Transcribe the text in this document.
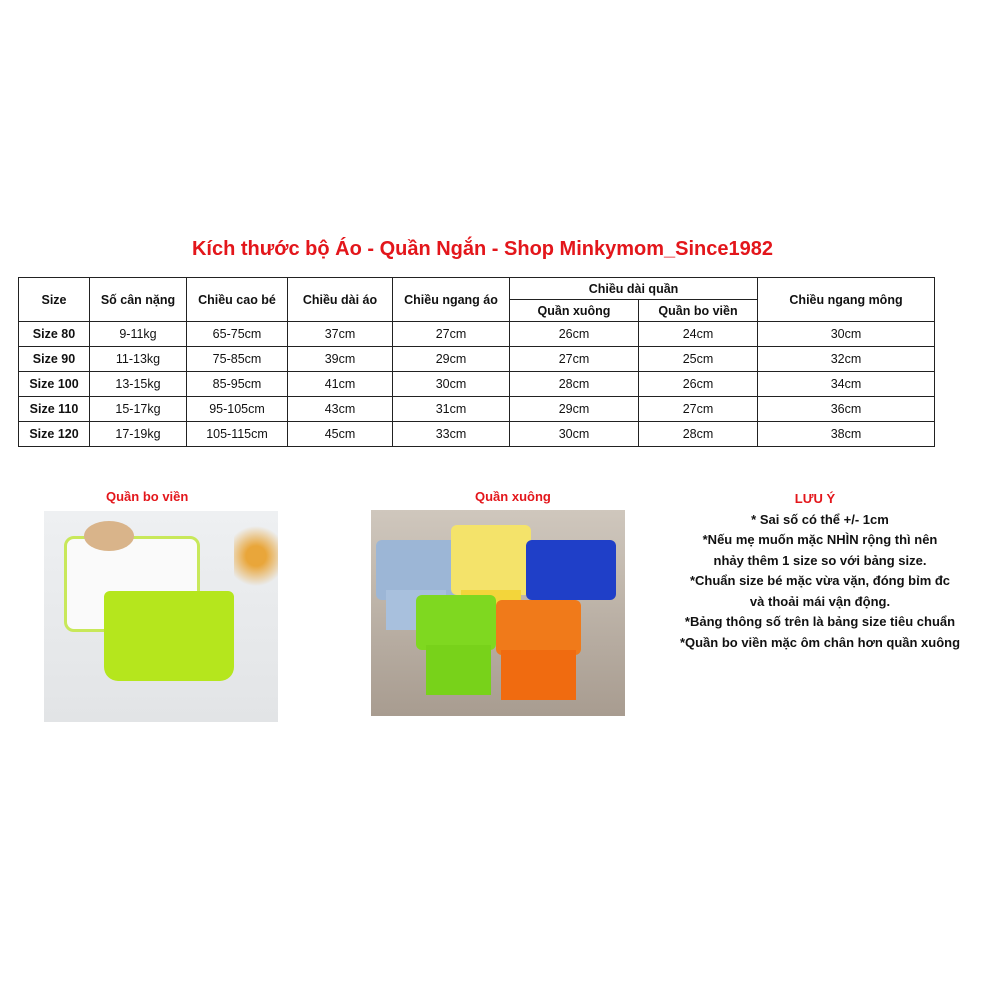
Kích thước bộ Áo - Quần Ngắn - Shop Minkymom_Since1982
Size	Số cân nặng	Chiều cao bé	Chiều dài áo	Chiều ngang áo	Chiều dài quần		Chiều ngang mông
					Quần xuông	Quần bo viền	
Size 80	9-11kg	65-75cm	37cm	27cm	26cm	24cm	30cm
Size 90	11-13kg	75-85cm	39cm	29cm	27cm	25cm	32cm
Size 100	13-15kg	85-95cm	41cm	30cm	28cm	26cm	34cm
Size 110	15-17kg	95-105cm	43cm	31cm	29cm	27cm	36cm
Size 120	17-19kg	105-115cm	45cm	33cm	30cm	28cm	38cm
Quần bo viền	Quần xuông	LƯU Ý
* Sai số có thể +/- 1cm
*Nếu mẹ muốn mặc NHÌN rộng thì nên
nhảy thêm 1 size so với bảng size.
*Chuẩn size bé mặc vừa vặn, đóng bỉm đc
và thoải mái vận động.
*Bảng thông số trên là bảng size tiêu chuẩn
*Quần bo viền mặc ôm chân hơn quần xuông
